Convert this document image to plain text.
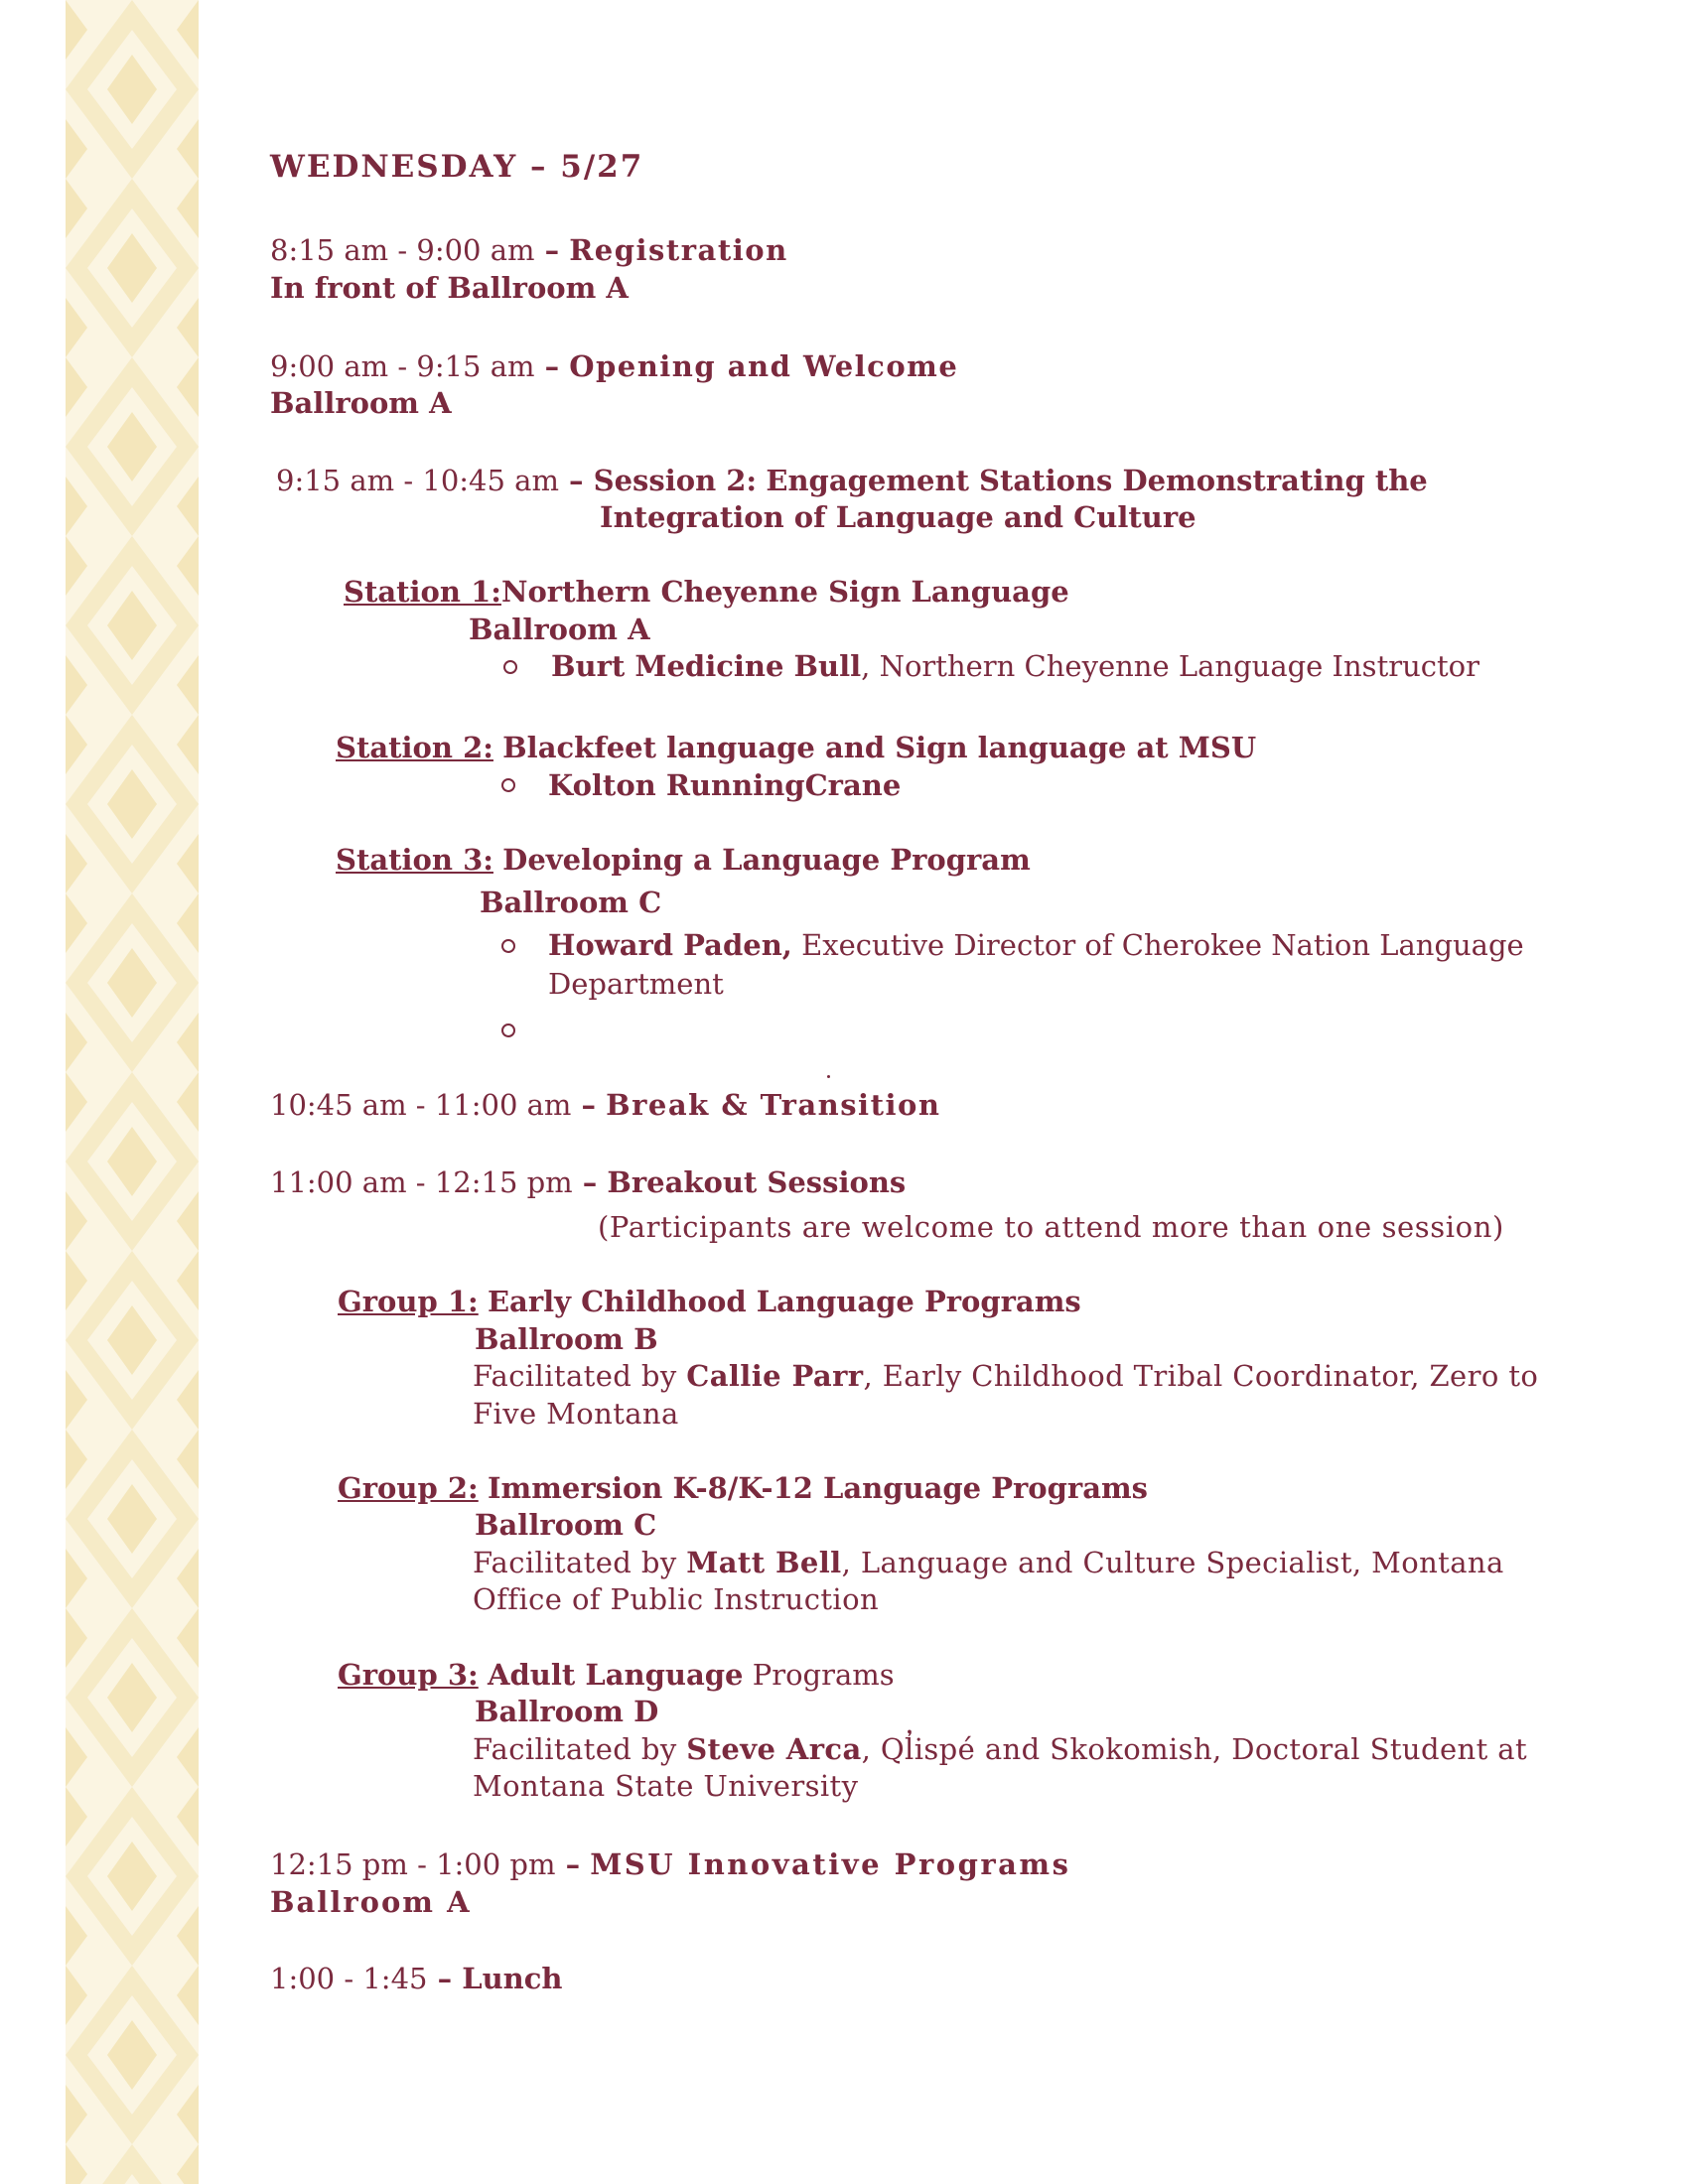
WEDNESDAY – 5/27
8:15 am - 9:00 am – Registration
In front of Ballroom A
9:00 am - 9:15 am – Opening and Welcome
Ballroom A
9:15 am - 10:45 am – Session 2: Engagement Stations Demonstrating the
Integration of Language and Culture
Station 1:Northern Cheyenne Sign Language
Ballroom A
Burt Medicine Bull, Northern Cheyenne Language Instructor
Station 2: Blackfeet language and Sign language at MSU
Kolton RunningCrane
Station 3: Developing a Language Program
Ballroom C
Howard Paden, Executive Director of Cherokee Nation Language
Department
10:45 am - 11:00 am – Break & Transition
11:00 am - 12:15 pm – Breakout Sessions
(Participants are welcome to attend more than one session)
Group 1: Early Childhood Language Programs
Ballroom B
Facilitated by Callie Parr, Early Childhood Tribal Coordinator, Zero to
Five Montana
Group 2: Immersion K-8/K-12 Language Programs
Ballroom C
Facilitated by Matt Bell, Language and Culture Specialist, Montana
Office of Public Instruction
Group 3: Adult Language Programs
Ballroom D
Facilitated by Steve Arca, Ql̓ispé and Skokomish, Doctoral Student at
Montana State University
12:15 pm - 1:00 pm – MSU Innovative Programs
Ballroom A
1:00 - 1:45 – Lunch
